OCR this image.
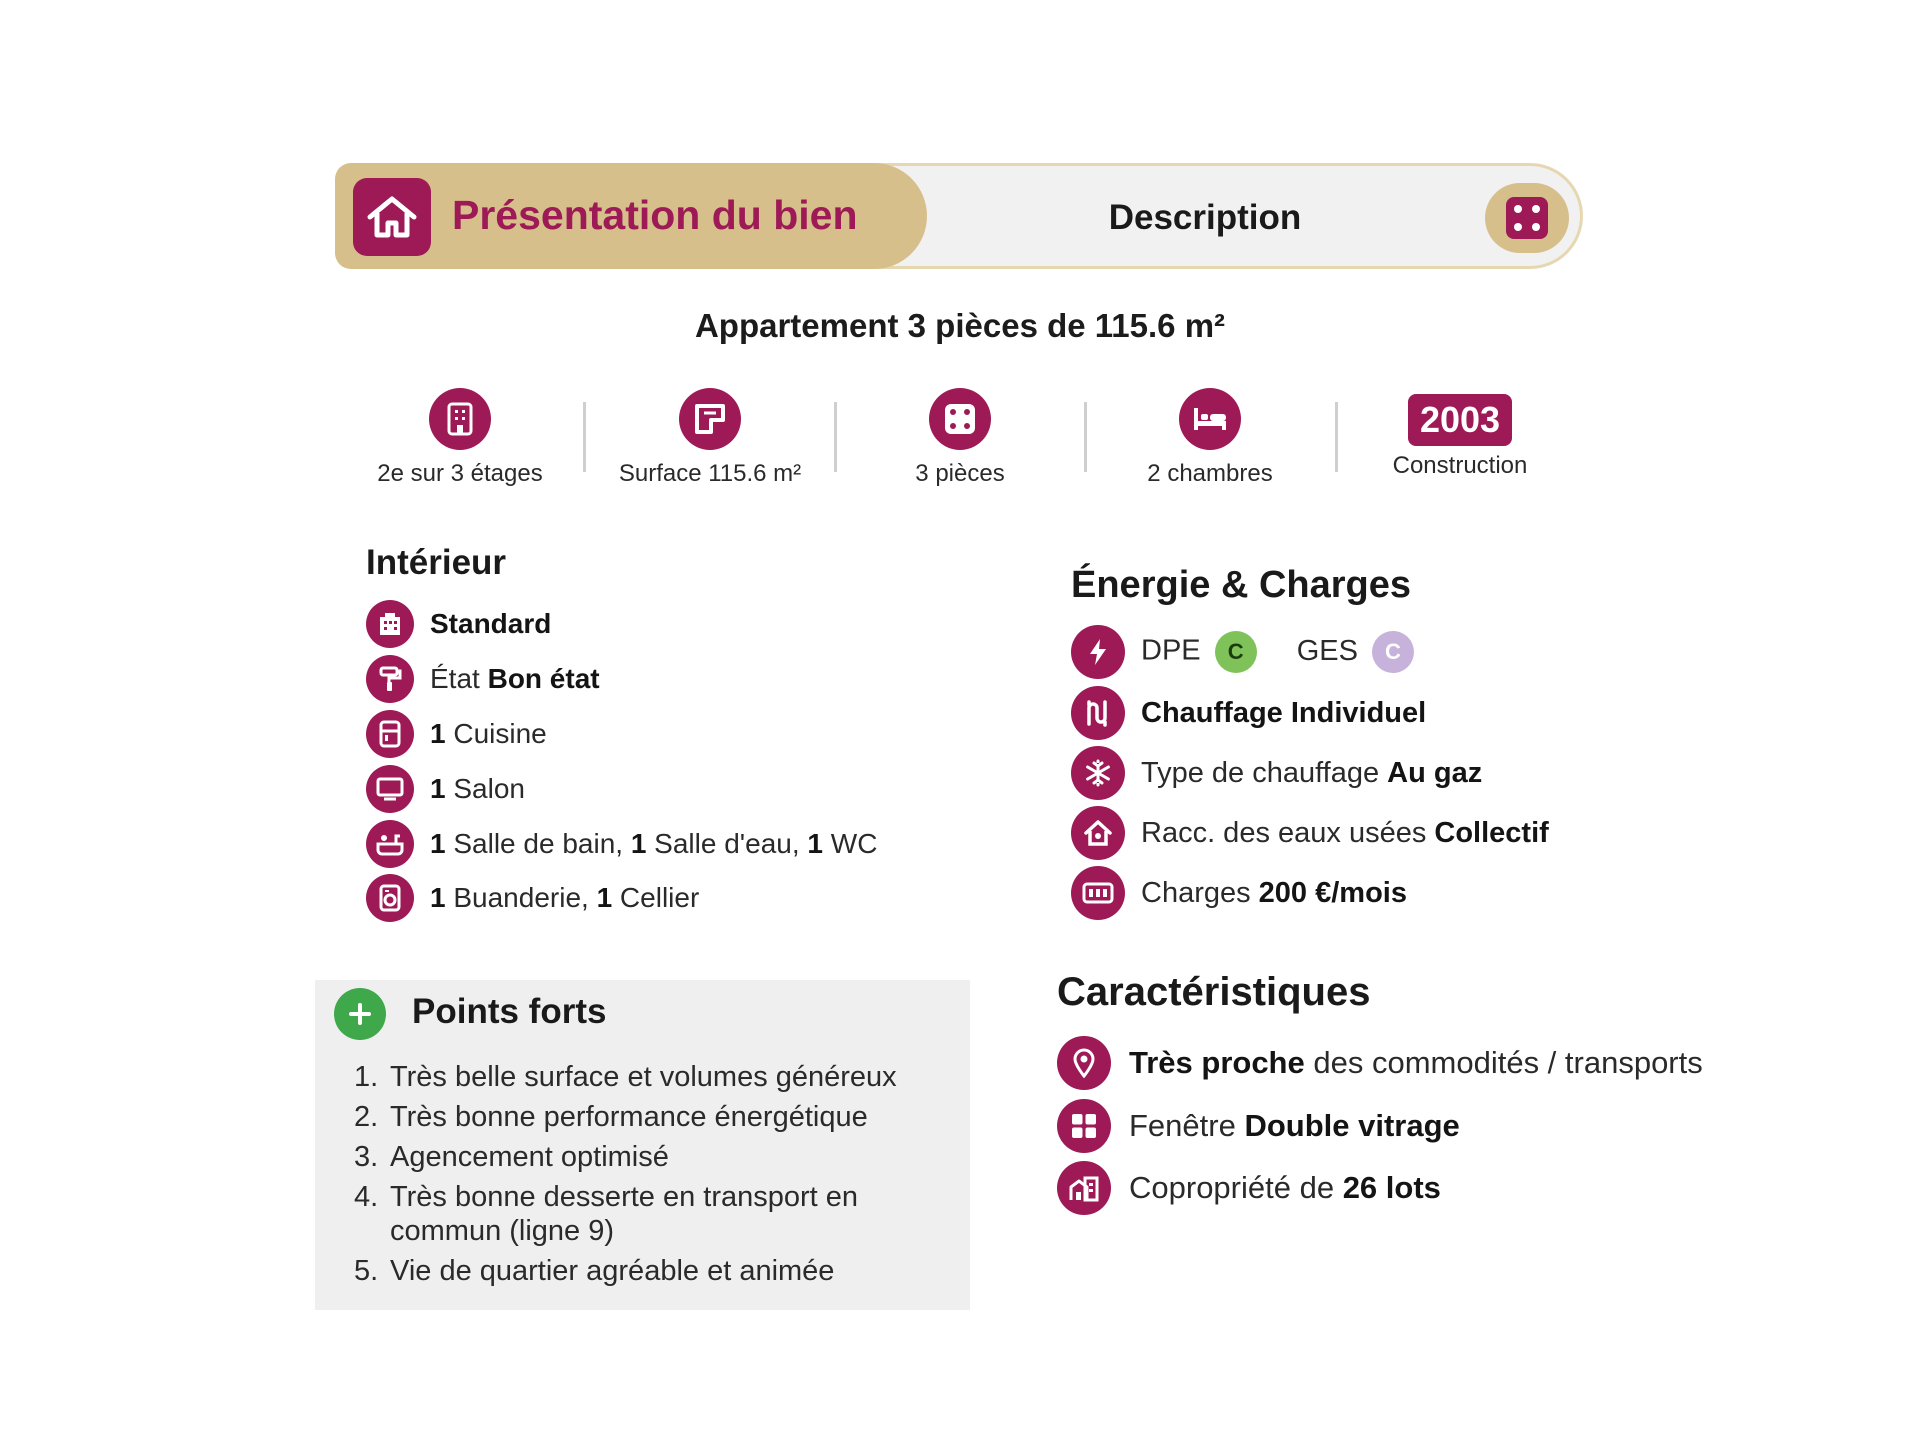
Présentation du bien	Description
Appartement 3 pièces de 115.6 m²
2e sur 3 étages	Surface 115.6 m²	3 pièces	2 chambres
2003
Construction
Intérieur
Standard
État Bon état
1 Cuisine
1 Salon
1 Salle de bain, 1 Salle d'eau, 1 WC
1 Buanderie, 1 Cellier
Énergie & Charges
DPE C GES C
Chauffage Individuel
Type de chauffage Au gaz
Racc. des eaux usées Collectif
Charges 200 €/mois
Caractéristiques
Très proche des commodités / transports
Fenêtre Double vitrage
Copropriété de 26 lots
Points forts
1. Très belle surface et volumes généreux
2. Très bonne performance énergétique
3. Agencement optimisé
4. Très bonne desserte en transport en commun (ligne 9)
5. Vie de quartier agréable et animée
